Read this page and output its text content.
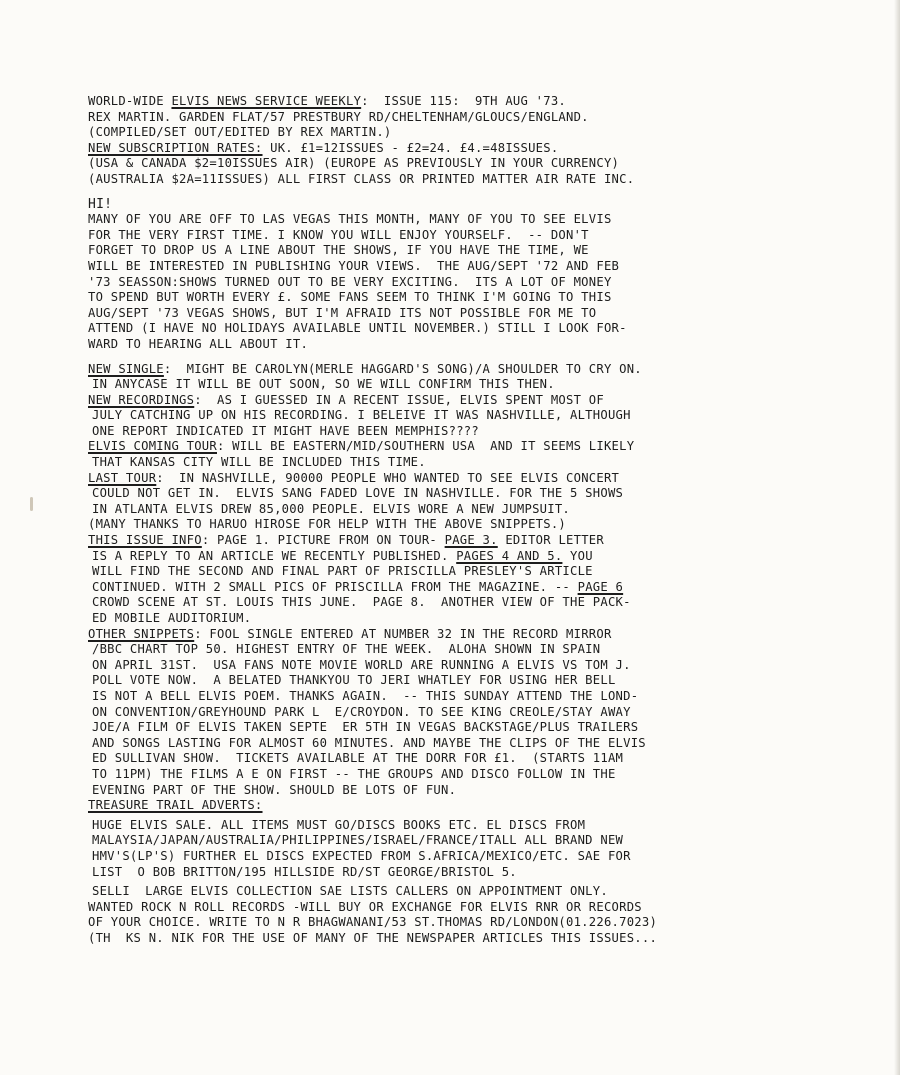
WORLD-WIDE ELVIS NEWS SERVICE WEEKLY:  ISSUE 115:  9TH AUG '73.
REX MARTIN. GARDEN FLAT/57 PRESTBURY RD/CHELTENHAM/GLOUCS/ENGLAND.
(COMPILED/SET OUT/EDITED BY REX MARTIN.)
NEW SUBSCRIPTION RATES: UK. £1=12ISSUES - £2=24. £4.=48ISSUES.
(USA & CANADA $2=10ISSUES AIR) (EUROPE AS PREVIOUSLY IN YOUR CURRENCY)
(AUSTRALIA $2A=11ISSUES) ALL FIRST CLASS OR PRINTED MATTER AIR RATE INC.
HI!
MANY OF YOU ARE OFF TO LAS VEGAS THIS MONTH, MANY OF YOU TO SEE ELVIS
FOR THE VERY FIRST TIME. I KNOW YOU WILL ENJOY YOURSELF.  -- DON'T
FORGET TO DROP US A LINE ABOUT THE SHOWS, IF YOU HAVE THE TIME, WE
WILL BE INTERESTED IN PUBLISHING YOUR VIEWS.  THE AUG/SEPT '72 AND FEB
'73 SEASSON:SHOWS TURNED OUT TO BE VERY EXCITING.  ITS A LOT OF MONEY
TO SPEND BUT WORTH EVERY £. SOME FANS SEEM TO THINK I'M GOING TO THIS
AUG/SEPT '73 VEGAS SHOWS, BUT I'M AFRAID ITS NOT POSSIBLE FOR ME TO
ATTEND (I HAVE NO HOLIDAYS AVAILABLE UNTIL NOVEMBER.) STILL I LOOK FOR-
WARD TO HEARING ALL ABOUT IT.
NEW SINGLE:  MIGHT BE CAROLYN(MERLE HAGGARD'S SONG)/A SHOULDER TO CRY ON.
IN ANYCASE IT WILL BE OUT SOON, SO WE WILL CONFIRM THIS THEN.
NEW RECORDINGS:  AS I GUESSED IN A RECENT ISSUE, ELVIS SPENT MOST OF
JULY CATCHING UP ON HIS RECORDING. I BELEIVE IT WAS NASHVILLE, ALTHOUGH
ONE REPORT INDICATED IT MIGHT HAVE BEEN MEMPHIS????
ELVIS COMING TOUR: WILL BE EASTERN/MID/SOUTHERN USA  AND IT SEEMS LIKELY
THAT KANSAS CITY WILL BE INCLUDED THIS TIME.
LAST TOUR:  IN NASHVILLE, 90000 PEOPLE WHO WANTED TO SEE ELVIS CONCERT
COULD NOT GET IN.  ELVIS SANG FADED LOVE IN NASHVILLE. FOR THE 5 SHOWS
IN ATLANTA ELVIS DREW 85,000 PEOPLE. ELVIS WORE A NEW JUMPSUIT.
(MANY THANKS TO HARUO HIROSE FOR HELP WITH THE ABOVE SNIPPETS.)
THIS ISSUE INFO: PAGE 1. PICTURE FROM ON TOUR- PAGE 3. EDITOR LETTER
IS A REPLY TO AN ARTICLE WE RECENTLY PUBLISHED. PAGES 4 AND 5. YOU
WILL FIND THE SECOND AND FINAL PART OF PRISCILLA PRESLEY'S ARTICLE
CONTINUED. WITH 2 SMALL PICS OF PRISCILLA FROM THE MAGAZINE. -- PAGE 6
CROWD SCENE AT ST. LOUIS THIS JUNE.  PAGE 8.  ANOTHER VIEW OF THE PACK-
ED MOBILE AUDITORIUM.
OTHER SNIPPETS: FOOL SINGLE ENTERED AT NUMBER 32 IN THE RECORD MIRROR
/BBC CHART TOP 50. HIGHEST ENTRY OF THE WEEK.  ALOHA SHOWN IN SPAIN
ON APRIL 31ST.  USA FANS NOTE MOVIE WORLD ARE RUNNING A ELVIS VS TOM J.
POLL VOTE NOW.  A BELATED THANKYOU TO JERI WHATLEY FOR USING HER BELL
IS NOT A BELL ELVIS POEM. THANKS AGAIN.  -- THIS SUNDAY ATTEND THE LOND-
ON CONVENTION/GREYHOUND PARK L  E/CROYDON. TO SEE KING CREOLE/STAY AWAY
JOE/A FILM OF ELVIS TAKEN SEPTE  ER 5TH IN VEGAS BACKSTAGE/PLUS TRAILERS
AND SONGS LASTING FOR ALMOST 60 MINUTES. AND MAYBE THE CLIPS OF THE ELVIS
ED SULLIVAN SHOW.  TICKETS AVAILABLE AT THE DORR FOR £1.  (STARTS 11AM
TO 11PM) THE FILMS A E ON FIRST -- THE GROUPS AND DISCO FOLLOW IN THE
EVENING PART OF THE SHOW. SHOULD BE LOTS OF FUN.
TREASURE TRAIL ADVERTS:
HUGE ELVIS SALE. ALL ITEMS MUST GO/DISCS BOOKS ETC. EL DISCS FROM
MALAYSIA/JAPAN/AUSTRALIA/PHILIPPINES/ISRAEL/FRANCE/ITALL ALL BRAND NEW
HMV'S(LP'S) FURTHER EL DISCS EXPECTED FROM S.AFRICA/MEXICO/ETC. SAE FOR
LIST  O BOB BRITTON/195 HILLSIDE RD/ST GEORGE/BRISTOL 5.
SELLI  LARGE ELVIS COLLECTION SAE LISTS CALLERS ON APPOINTMENT ONLY.
WANTED ROCK N ROLL RECORDS -WILL BUY OR EXCHANGE FOR ELVIS RNR OR RECORDS
OF YOUR CHOICE. WRITE TO N R BHAGWANANI/53 ST.THOMAS RD/LONDON(01.226.7023)
(TH  KS N. NIK FOR THE USE OF MANY OF THE NEWSPAPER ARTICLES THIS ISSUES...
